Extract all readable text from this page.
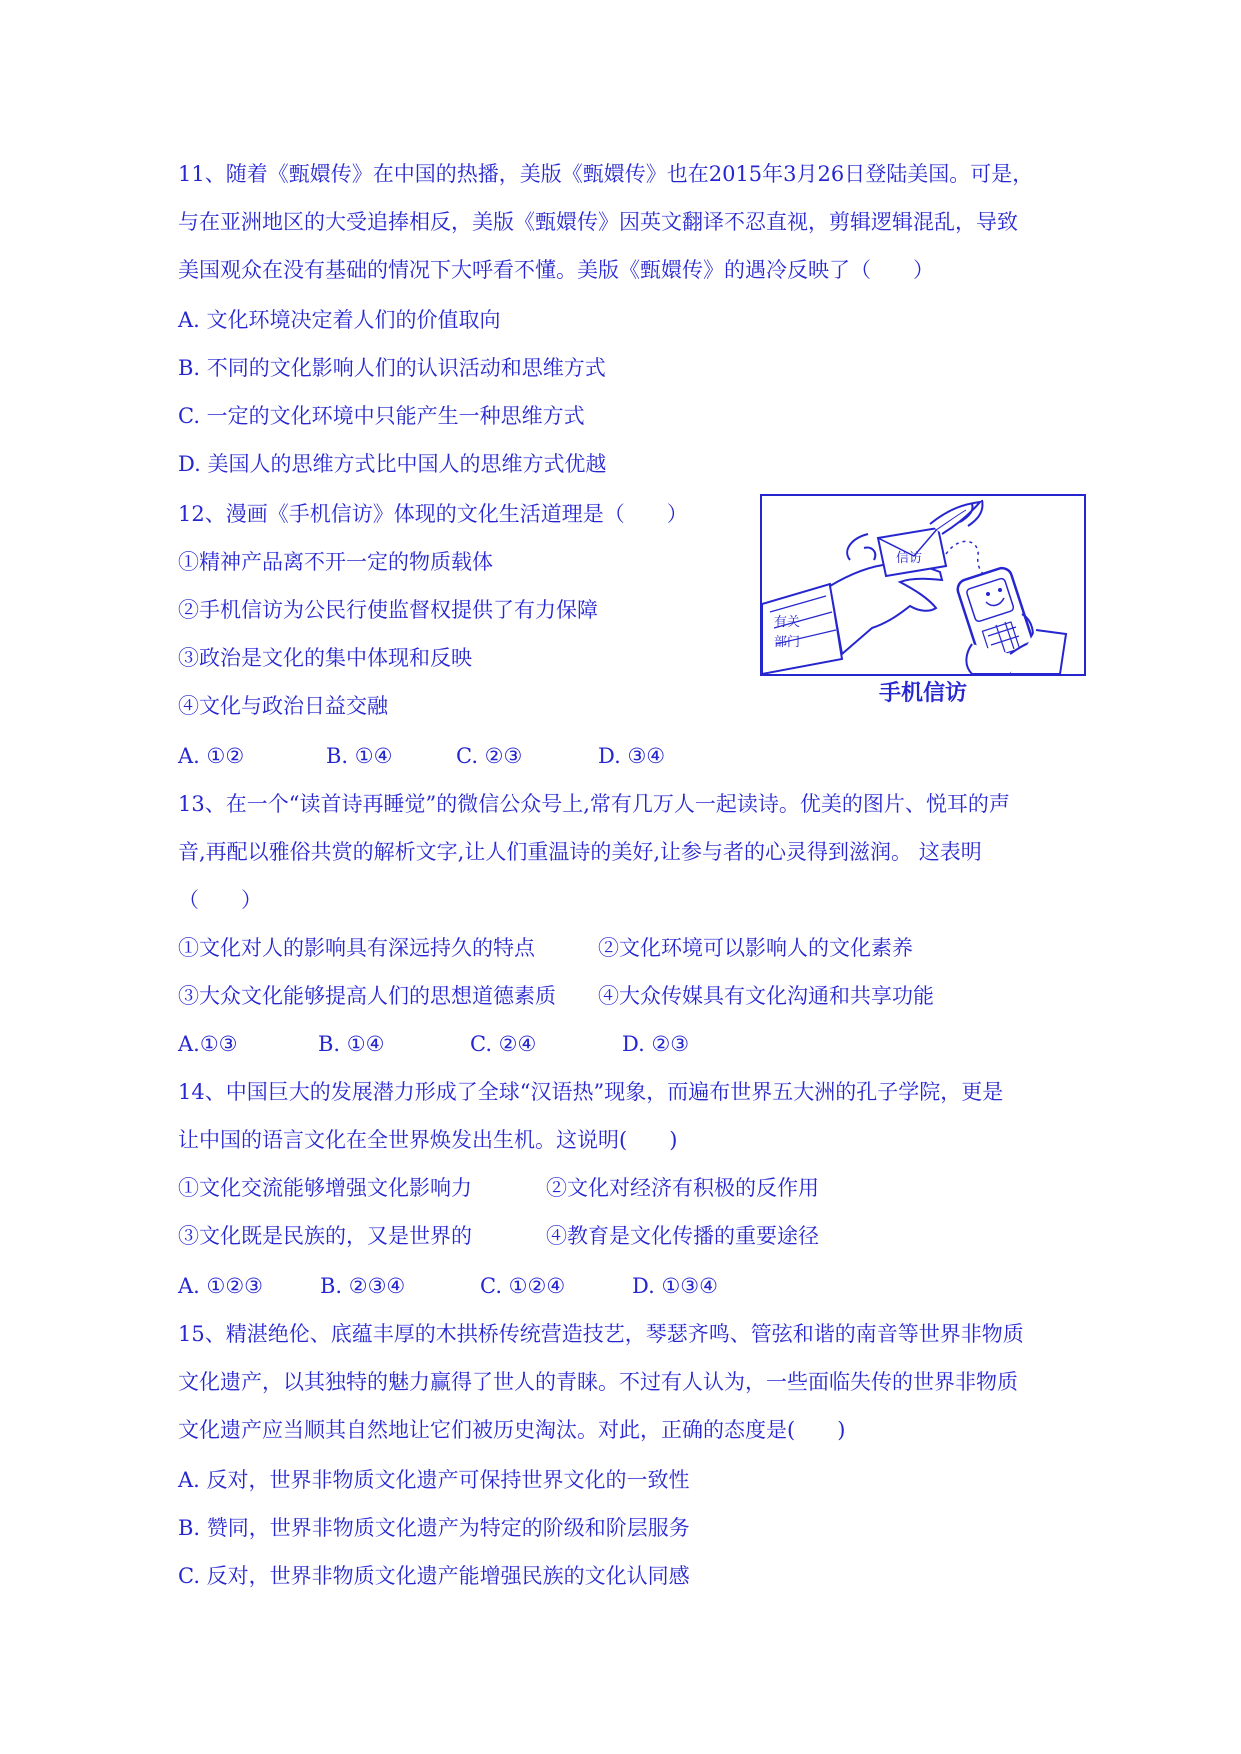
11、随着《甄嬛传》在中国的热播，美版《甄嬛传》也在2015年3月26日登陆美国。可是，
与在亚洲地区的大受追捧相反，美版《甄嬛传》因英文翻译不忍直视，剪辑逻辑混乱，导致
美国观众在没有基础的情况下大呼看不懂。美版《甄嬛传》的遇冷反映了（　　）
A. 文化环境决定着人们的价值取向
B. 不同的文化影响人们的认识活动和思维方式
C. 一定的文化环境中只能产生一种思维方式
D. 美国人的思维方式比中国人的思维方式优越
12、漫画《手机信访》体现的文化生活道理是（　　）
①精神产品离不开一定的物质载体
②手机信访为公民行使监督权提供了有力保障
③政治是文化的集中体现和反映
④文化与政治日益交融
A. ①②	B. ①④	C. ②③	D. ③④
有关
部门
信访
手机信访
13、在一个“读首诗再睡觉”的微信公众号上,常有几万人一起读诗。优美的图片、悦耳的声
音,再配以雅俗共赏的解析文字,让人们重温诗的美好,让参与者的心灵得到滋润。 这表明
（　　）
①文化对人的影响具有深远持久的特点	②文化环境可以影响人的文化素养
③大众文化能够提高人们的思想道德素质 ④大众传媒具有文化沟通和共享功能
A.①③	B. ①④	C. ②④	D. ②③
14、中国巨大的发展潜力形成了全球“汉语热”现象，而遍布世界五大洲的孔子学院，更是
让中国的语言文化在全世界焕发出生机。这说明(　　)
①文化交流能够增强文化影响力	②文化对经济有积极的反作用
③文化既是民族的，又是世界的	④教育是文化传播的重要途径
A. ①②③	B. ②③④	C. ①②④	D. ①③④
15、精湛绝伦、底蕴丰厚的木拱桥传统营造技艺，琴瑟齐鸣、管弦和谐的南音等世界非物质
文化遗产，以其独特的魅力赢得了世人的青睐。不过有人认为，一些面临失传的世界非物质
文化遗产应当顺其自然地让它们被历史淘汰。对此，正确的态度是(　　)
A. 反对，世界非物质文化遗产可保持世界文化的一致性
B. 赞同，世界非物质文化遗产为特定的阶级和阶层服务
C. 反对，世界非物质文化遗产能增强民族的文化认同感
